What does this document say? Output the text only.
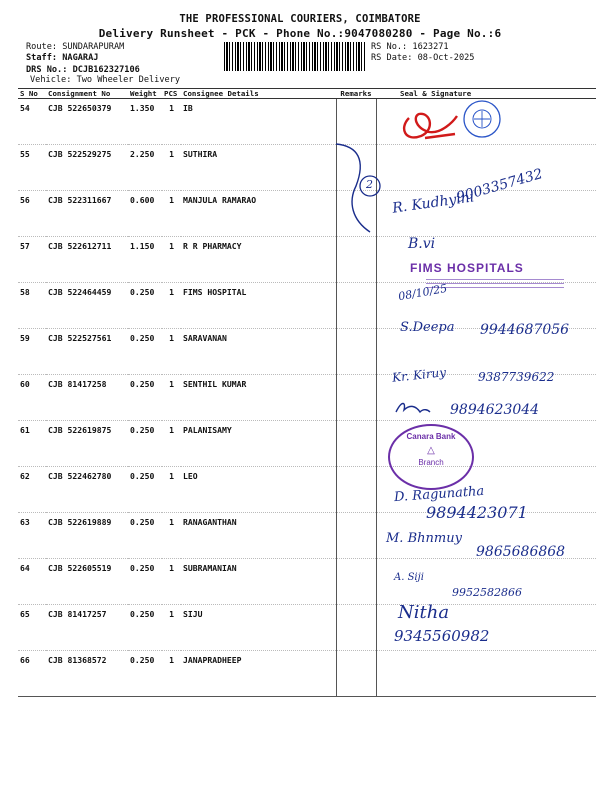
THE PROFESSIONAL COURIERS, COIMBATORE
Delivery Runsheet - PCK - Phone No.:9047080280 - Page No.:6
Route: SUNDARAPURAM
Staff: NAGARAJ
DRS No.: DCJB162327106
Vehicle: Two Wheeler Delivery
RS No.: 1623271
RS Date: 08-Oct-2025
S No	Consignment No	Weight	PCS	Consignee Details	Remarks	Seal & Signature
54	CJB 522650379	1.350	1	IB		
55	CJB 522529275	2.250	1	SUTHIRA		
56	CJB 522311667	0.600	1	MANJULA RAMARAO		
57	CJB 522612711	1.150	1	R R PHARMACY		
58	CJB 522464459	0.250	1	FIMS HOSPITAL		
59	CJB 522527561	0.250	1	SARAVANAN		
60	CJB 81417258	0.250	1	SENTHIL KUMAR		
61	CJB 522619875	0.250	1	PALANISAMY		
62	CJB 522462780	0.250	1	LEO		
63	CJB 522619889	0.250	1	RANAGANTHAN		
64	CJB 522605519	0.250	1	SUBRAMANIAN		
65	CJB 81417257	0.250	1	SIJU		
66	CJB 81368572	0.250	1	JANAPRADHEEP		
2	9003357432
R. Kudhyini
B.vi
FIMS HOSPITALS
08/10/25
S.Deepa 9944687056
Kr. Kiruy	9387739622
9894623044
Canara Bank
△
Branch
D. Ragunatha
9894423071
M. Bhnmuy
9865686868
A. Siji
9952582866
Nitha
9345560982
